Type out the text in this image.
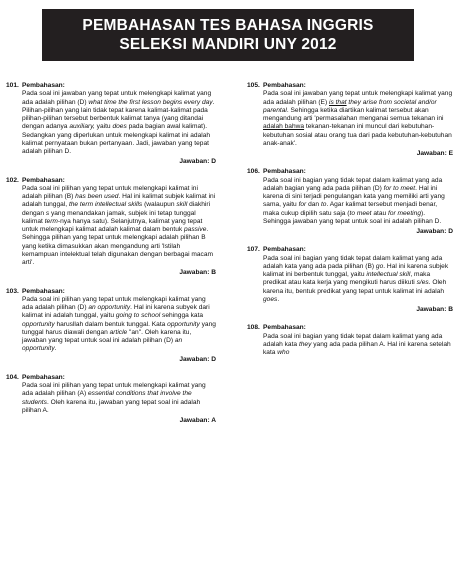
PEMBAHASAN TES BAHASA INGGRIS
SELEKSI MANDIRI UNY 2012
101. Pembahasan:

Pada soal ini jawaban yang tepat untuk melengkapi kalimat yang ada adalah pilihan (D) what time the first lesson begins every day. Pilihan-pilihan yang lain tidak tepat karena kalimat-kalimat pada pilihan-pilihan tersebut berbentuk kalimat tanya (yang ditandai dengan adanya auxiliary, yaitu does pada bagian awal kalimat). Sedangkan yang diperlukan untuk melengkapi kalimat ini adalah kalimat pernyataan bukan pertanyaan. Jadi, jawaban yang tepat adalah pilihan D.

Jawaban: D
102. Pembahasan:

Pada soal ini pilihan yang tepat untuk melengkapi kalimat ini adalah pilihan (B) has been used. Hal ini kalimat subjek kalimat ini adalah tunggal, the term intellectual skills (walaupun skill diakhiri dengan s yang menandakan jamak, subjek ini tetap tunggal kalimat term-nya hanya satu). Selanjutnya, kalimat yang tepat untuk melengkapi kalimat adalah kalimat dalam bentuk passive. Sehingga pilihan yang tepat untuk melengkapi adalah pilihan B yang ketika dimasukkan akan mengandung arti 'Istilah kemampuan intelektual telah digunakan dengan berbagai macam arti'.

Jawaban: B
103. Pembahasan:

Pada soal ini pilihan yang tepat untuk melengkapi kalimat yang ada adalah pilihan (D) an opportunity. Hal ini karena subyek dari kalimat ini adalah tunggal, yaitu going to school sehingga kata opportunity harusllah dalam bentuk tunggal. Kata opportunity yang tunggal harus diawali dengan article "an". Oleh karena itu, jawaban yang tepat untuk soal ini adalah pilihan (D) an opportunity.

Jawaban: D
104. Pembahasan:

Pada soal ini pilihan yang tepat untuk melengkapi kalimat yang ada adalah pilihan (A) essential conditions that involve the students. Oleh karena itu, jawaban yang tepat soal ini adalah pilihan A.

Jawaban: A
105. Pembahasan:

Pada soal ini jawaban yang tepat untuk melengkapi kalimat yang ada adalah pilihan (E) is that they arise from societal and/or parental. Sehingga ketika diartikan kalimat tersebut akan mengandung arti 'permasalahan menganai semua tekanan ini adalah bahwa tekanan-tekanan ini muncul dari kebutuhan-kebutuhan sosial atau orang tua dari pada kebutuhan-kebutuhan anak-anak'.

Jawaban: E
106. Pembahasan:

Pada soal ini bagian yang tidak tepat dalam kalimat yang ada adalah bagian yang ada pada pilihan (D) for to meet. Hal ini karena di sini terjadi pengulangan kata yang memiliki arti yang sama, yaitu for dan to. Agar kalimat tersebut menjadi benar, maka cukup dipilih satu saja (to meet atau for meeting). Sehingga jawaban yang tepat untuk soal ini adalah pilihan D.

Jawaban: D
107. Pembahasan:

Pada soal ini bagian yang tidak tepat dalam kalimat yang ada adalah kata yang ada pada pilihan (B) go. Hal ini karena subjek kalimat ini berbentuk tunggal, yaitu intellectual skill, maka predikat atau kata kerja yang mengikuti harus diikuti s/es. Oleh karena itu, bentuk predikat yang tepat untuk kalimat ini adalah goes.

Jawaban: B
108. Pembahasan:

Pada soal ini bagian yang tidak tepat dalam kalimat yang ada adalah kata they yang ada pada pilihan A. Hal ini karena setelah kata who
